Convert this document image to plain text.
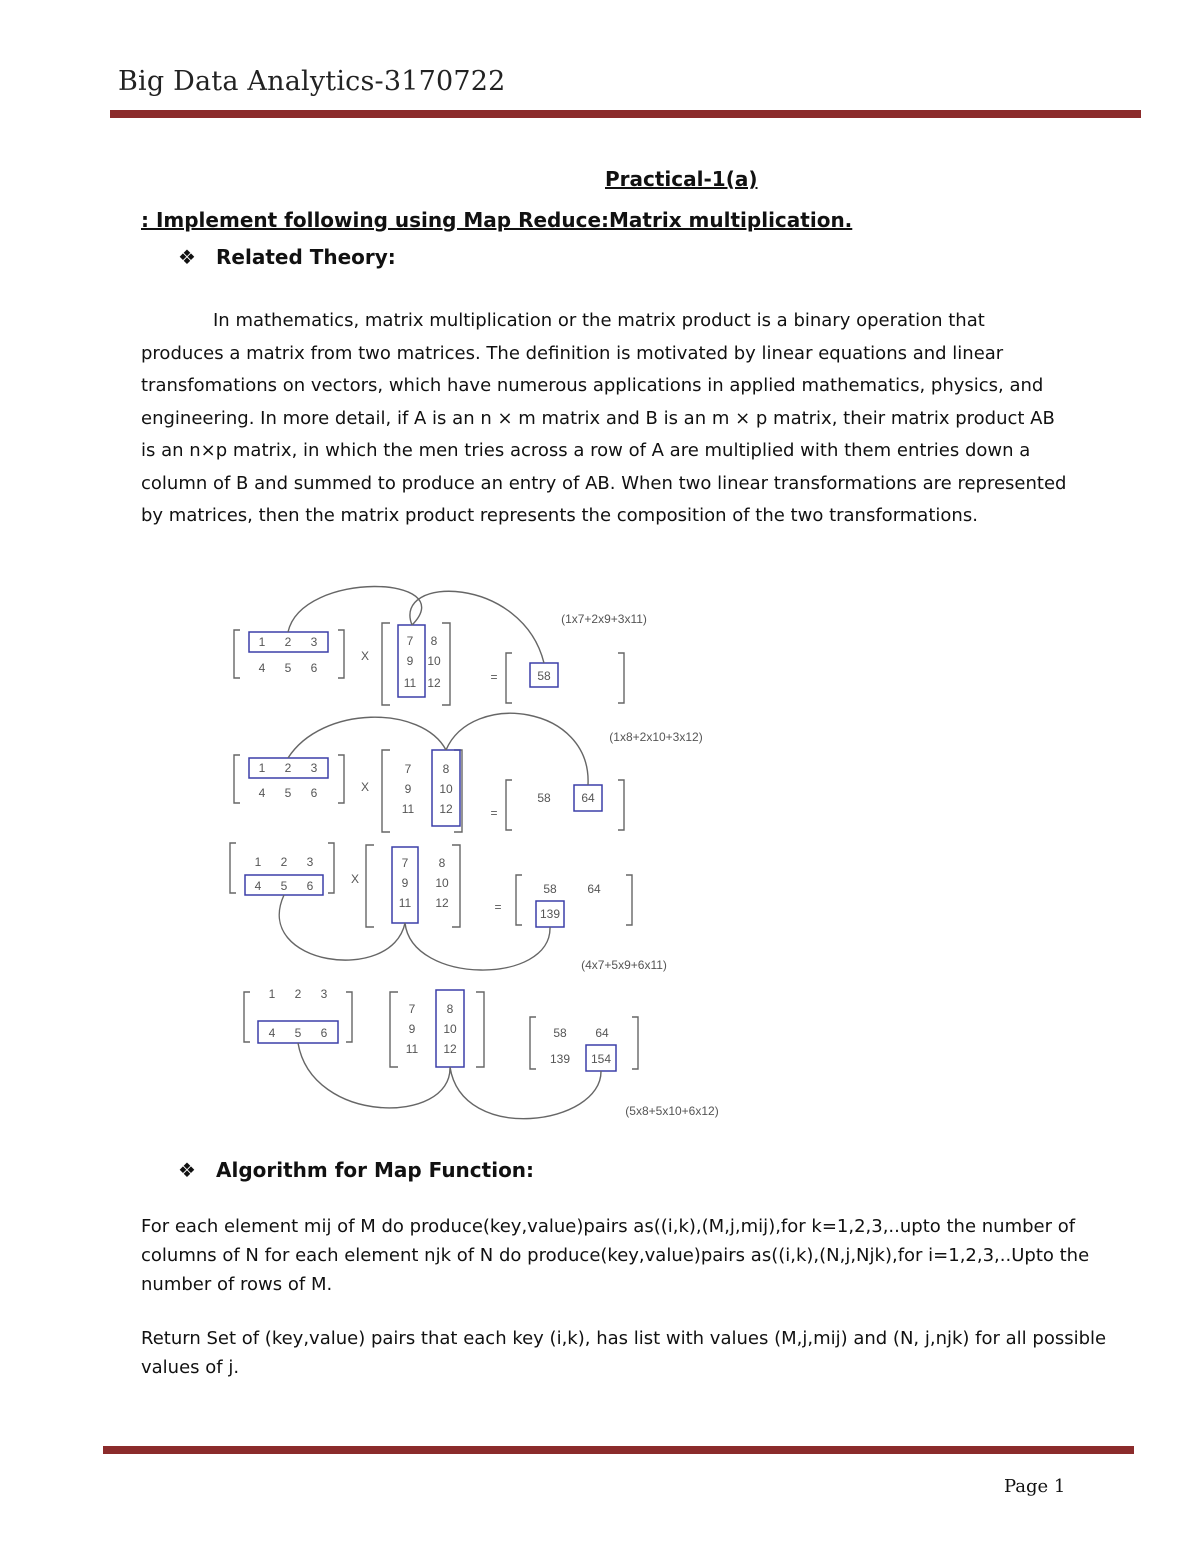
Big Data Analytics-3170722
Practical-1(a)
: Implement following using Map Reduce:Matrix multiplication.
❖ Related Theory:
In mathematics, matrix multiplication or the matrix product is a binary operation that produces a matrix from two matrices. The definition is motivated by linear equations and linear transfomations on vectors, which have numerous applications in applied mathematics, physics, and engineering. In more detail, if A is an n × m matrix and B is an m × p matrix, their matrix product AB is an n×p matrix, in which the men tries across a row of A are multiplied with them entries down a column of B and summed to produce an entry of AB. When two linear transformations are represented by matrices, then the matrix product represents the composition of the two transformations.
1 2 3
4 5 6
X
7 8
9 10
11 12	=	58
(1x7+2x9+3x11)
1 2 3
4 5 6	X
7	8
9 10
11 12	=
58	64
(1x8+2x10+3x12)
1 2 3
4 5 6	X
7	8
9 10
11 12	=
58	64
139
(4x7+5x9+6x11)
1 2 3
4 5 6
7	8
9 10
11 12
58 64
139 154
(5x8+5x10+6x12)
❖ Algorithm for Map Function:
For each element mij of M do produce(key,value)pairs as((i,k),(M,j,mij),for k=1,2,3,..upto the number of columns of N for each element njk of N do produce(key,value)pairs as((i,k),(N,j,Njk),for i=1,2,3,..Upto the number of rows of M.
Return Set of (key,value) pairs that each key (i,k), has list with values (M,j,mij) and (N, j,njk) for all possible values of j.
Page 1
